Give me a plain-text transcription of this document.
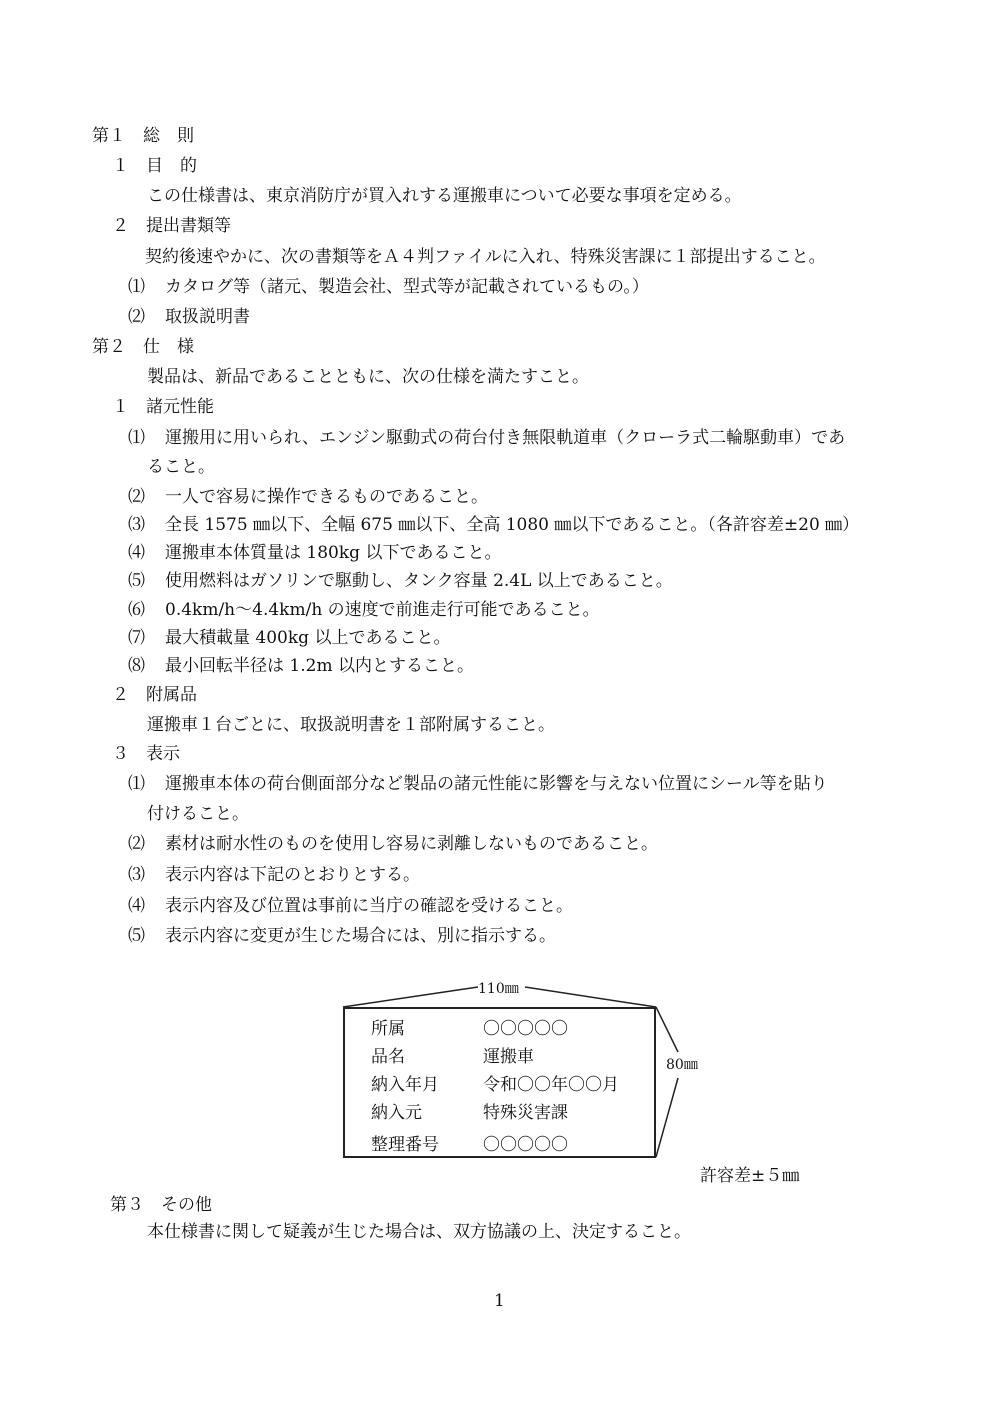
第１　総　則
１　目　的
この仕様書は、東京消防庁が買入れする運搬車について必要な事項を定める。
２　提出書類等
契約後速やかに、次の書類等をＡ４判ファイルに入れ、特殊災害課に１部提出すること。
⑴ カタログ等（諸元、製造会社、型式等が記載されているもの。）
⑵ 取扱説明書
第２　仕　様
製品は、新品であることともに、次の仕様を満たすこと。
１　諸元性能
⑴ 運搬用に用いられ、エンジン駆動式の荷台付き無限軌道車（クローラ式二輪駆動車）であ
ること。
⑵ 一人で容易に操作できるものであること。
⑶ 全長 1575 ㎜以下、全幅 675 ㎜以下、全高 1080 ㎜以下であること。（各許容差±20 ㎜）
⑷ 運搬車本体質量は 180kg 以下であること。
⑸ 使用燃料はガソリンで駆動し、タンク容量 2.4L 以上であること。
⑹ 0.4km/h～4.4km/h の速度で前進走行可能であること。
⑺ 最大積載量 400kg 以上であること。
⑻ 最小回転半径は 1.2m 以内とすること。
２　附属品
運搬車１台ごとに、取扱説明書を１部附属すること。
３　表示
⑴ 運搬車本体の荷台側面部分など製品の諸元性能に影響を与えない位置にシール等を貼り
付けること。
⑵ 素材は耐水性のものを使用し容易に剥離しないものであること。
⑶ 表示内容は下記のとおりとする。
⑷ 表示内容及び位置は事前に当庁の確認を受けること。
⑸ 表示内容に変更が生じた場合には、別に指示する。
110㎜
80㎜
所属	〇〇〇〇〇
品名	運搬車
納入年月	令和〇〇年〇〇月
納入元	特殊災害課
整理番号	〇〇〇〇〇
許容差±５㎜
第３　その他
本仕様書に関して疑義が生じた場合は、双方協議の上、決定すること。
1
